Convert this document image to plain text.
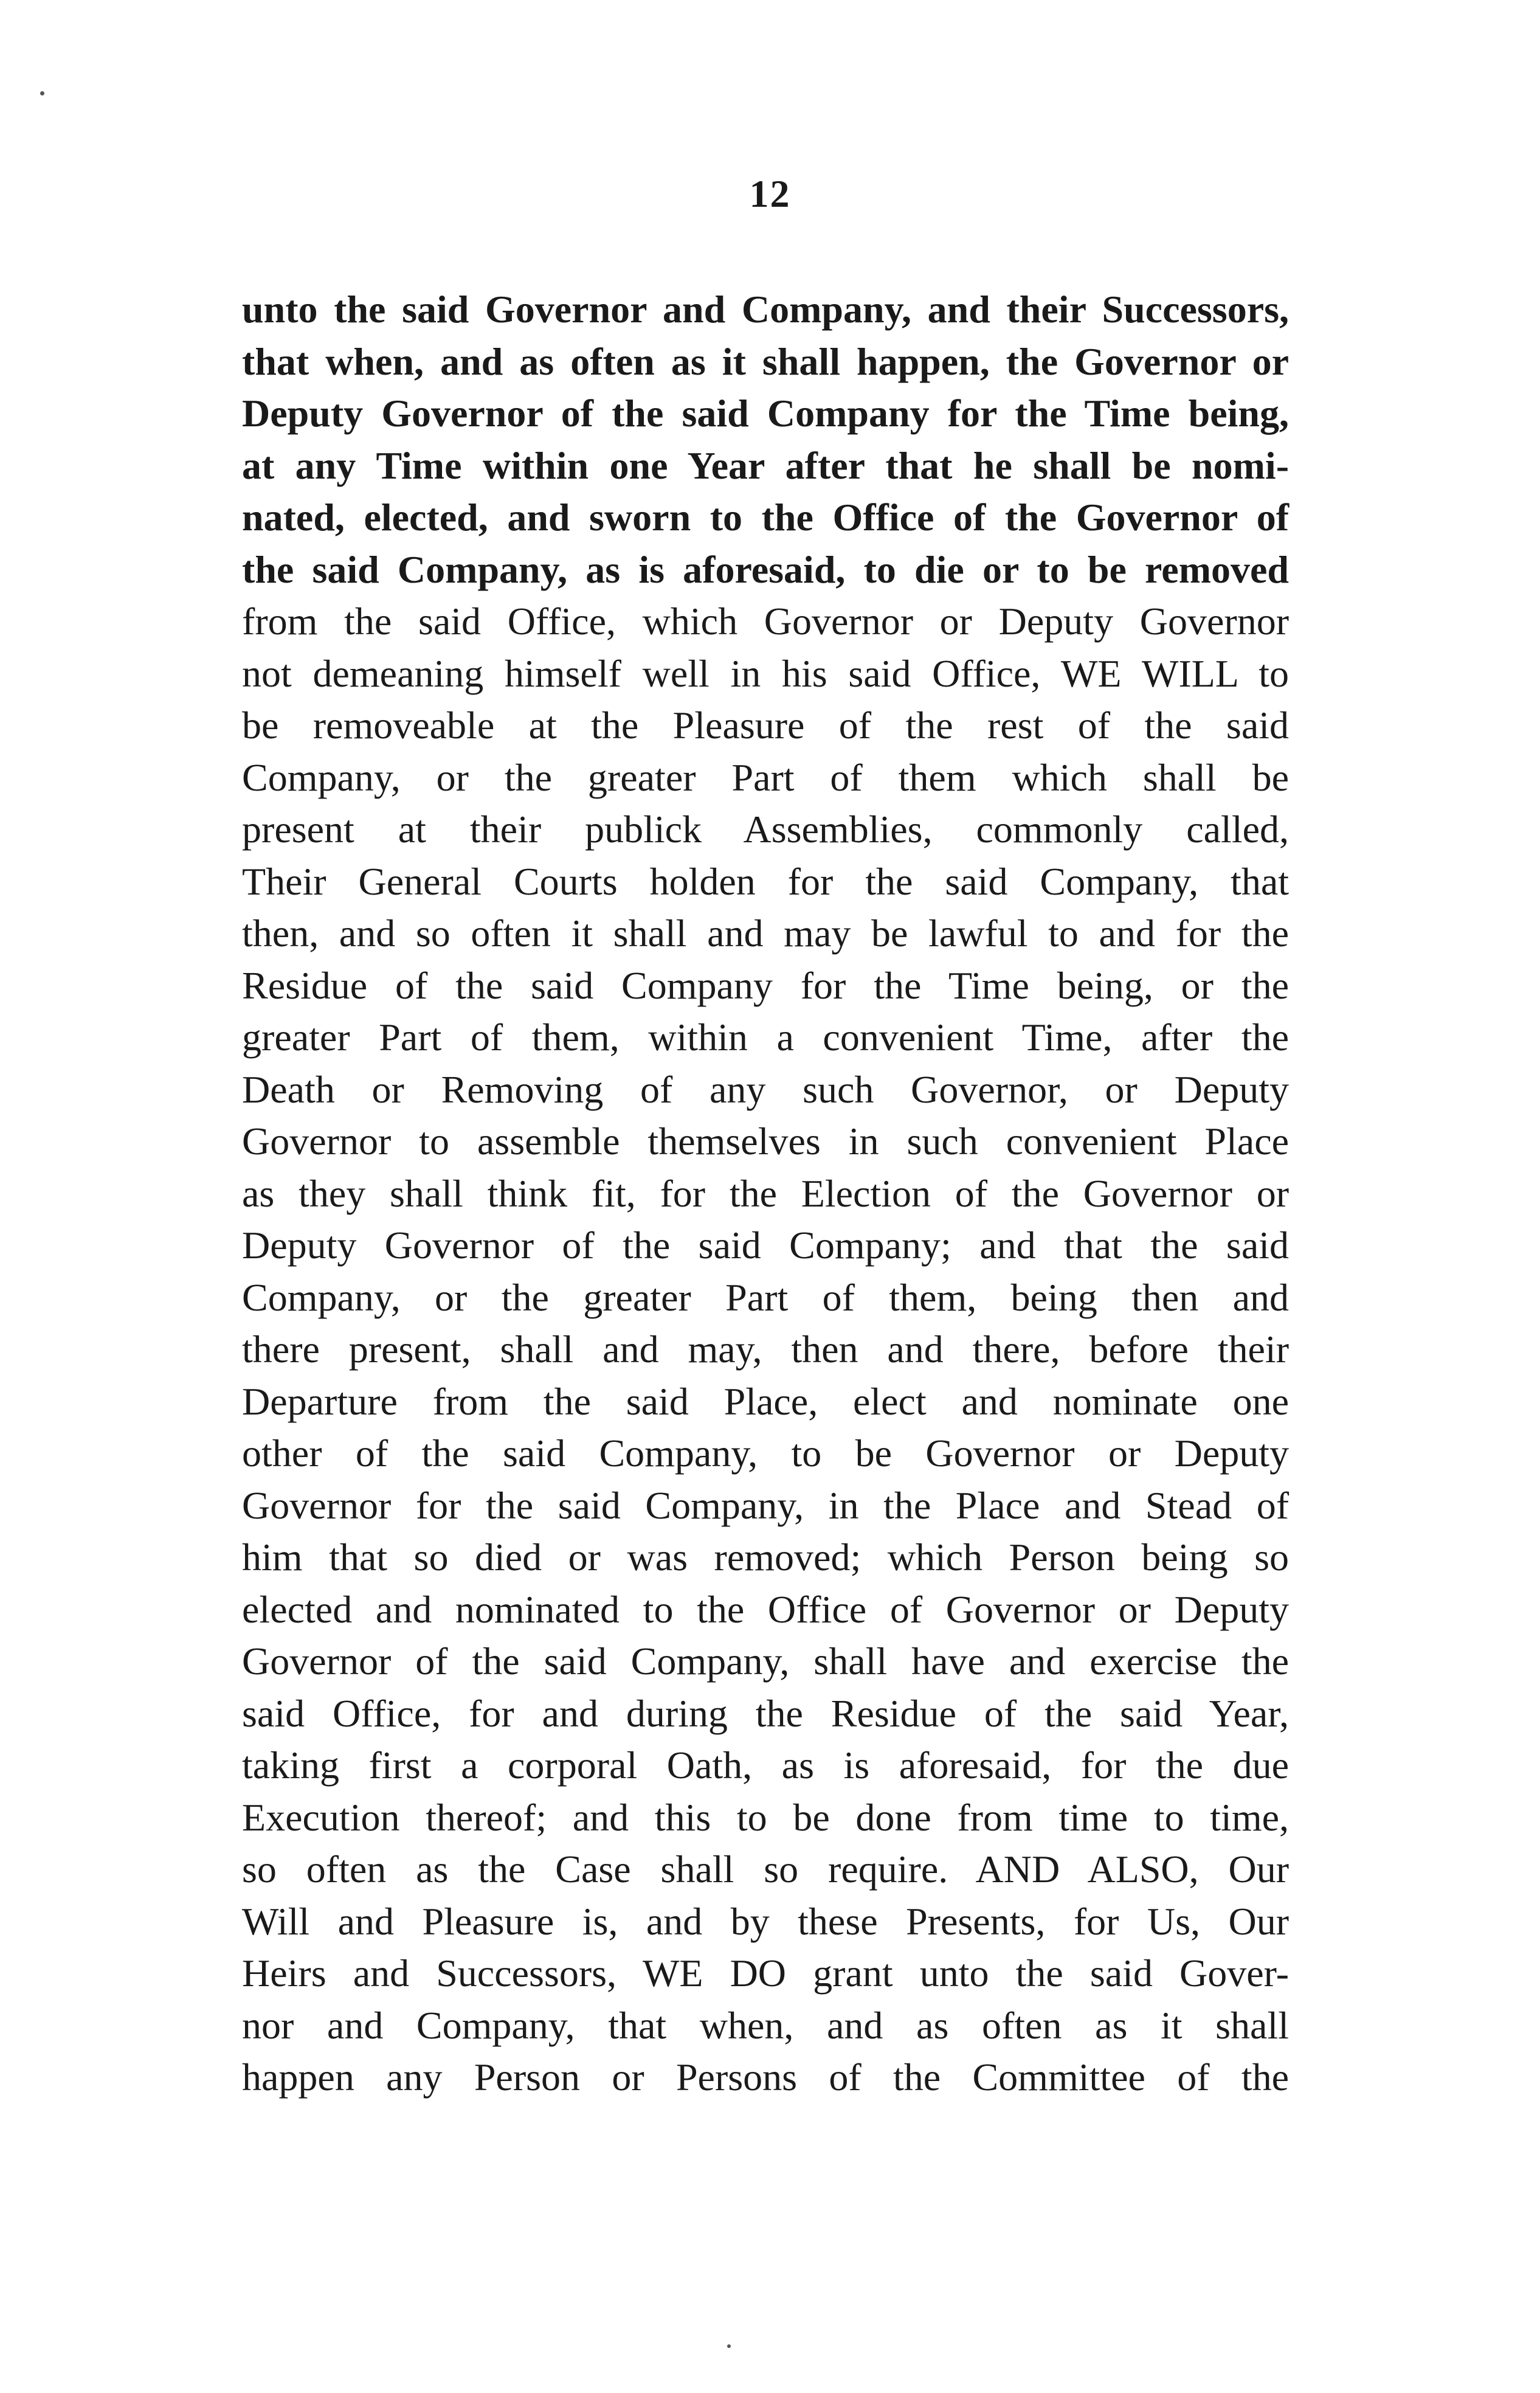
12
unto the said Governor and Company, and their Successors,
that when, and as often as it shall happen, the Governor or
Deputy Governor of the said Company for the Time being,
at any Time within one Year after that he shall be nomi-
nated, elected, and sworn to the Office of the Governor of
the said Company, as is aforesaid, to die or to be removed
from the said Office, which Governor or Deputy Governor
not demeaning himself well in his said Office, WE WILL to
be removeable at the Pleasure of the rest of the said
Company, or the greater Part of them which shall be
present at their publick Assemblies, commonly called,
Their General Courts holden for the said Company, that
then, and so often it shall and may be lawful to and for the
Residue of the said Company for the Time being, or the
greater Part of them, within a convenient Time, after the
Death or Removing of any such Governor, or Deputy
Governor to assemble themselves in such convenient Place
as they shall think fit, for the Election of the Governor or
Deputy Governor of the said Company; and that the said
Company, or the greater Part of them, being then and
there present, shall and may, then and there, before their
Departure from the said Place, elect and nominate one
other of the said Company, to be Governor or Deputy
Governor for the said Company, in the Place and Stead of
him that so died or was removed; which Person being so
elected and nominated to the Office of Governor or Deputy
Governor of the said Company, shall have and exercise the
said Office, for and during the Residue of the said Year,
taking first a corporal Oath, as is aforesaid, for the due
Execution thereof; and this to be done from time to time,
so often as the Case shall so require. AND ALSO, Our
Will and Pleasure is, and by these Presents, for Us, Our
Heirs and Successors, WE DO grant unto the said Gover-
nor and Company, that when, and as often as it shall
happen any Person or Persons of the Committee of the
